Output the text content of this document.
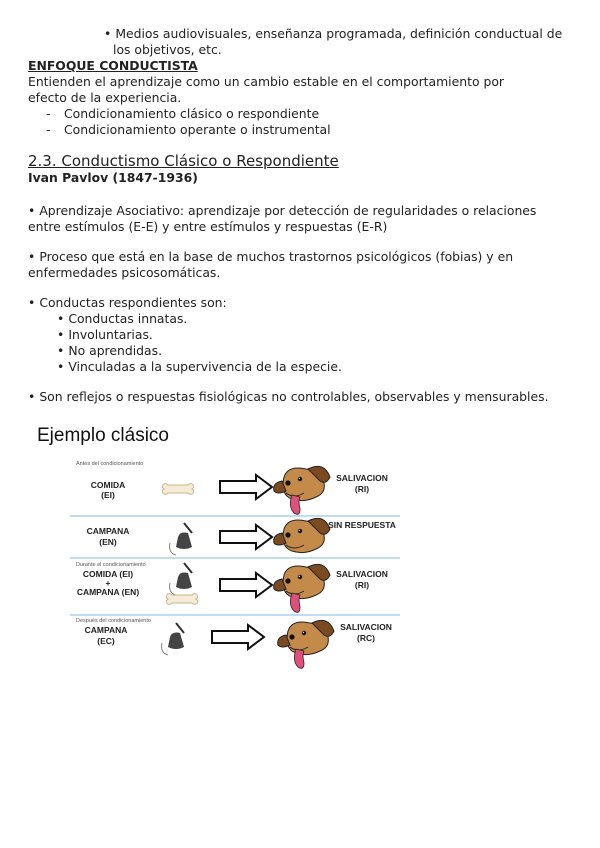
• Medios audiovisuales, enseñanza programada, definición conductual de
los objetivos, etc.
ENFOQUE CONDUCTISTA
Entienden el aprendizaje como un cambio estable en el comportamiento por
efecto de la experiencia.
- Condicionamiento clásico o respondiente
- Condicionamiento operante o instrumental
2.3. Conductismo Clásico o Respondiente
Ivan Pavlov (1847-1936)
• Aprendizaje Asociativo: aprendizaje por detección de regularidades o relaciones
entre estímulos (E-E) y entre estímulos y respuestas (E-R)
• Proceso que está en la base de muchos trastornos psicológicos (fobias) y en
enfermedades psicosomáticas.
• Conductas respondientes son:
• Conductas innatas.
• Involuntarias.
• No aprendidas.
• Vinculadas a la supervivencia de la especie.
• Son reflejos o respuestas fisiológicas no controlables, observables y mensurables.
Ejemplo clásico
Antes del condicionamiento
COMIDA
(EI)
SALIVACION
(RI)
CAMPANA
(EN)
SIN RESPUESTA
Durante el condicionamiento
COMIDA (EI)
+
CAMPANA (EN)
SALIVACION
(RI)
Después del condicionamiento
CAMPANA
(EC)
SALIVACION
(RC)
